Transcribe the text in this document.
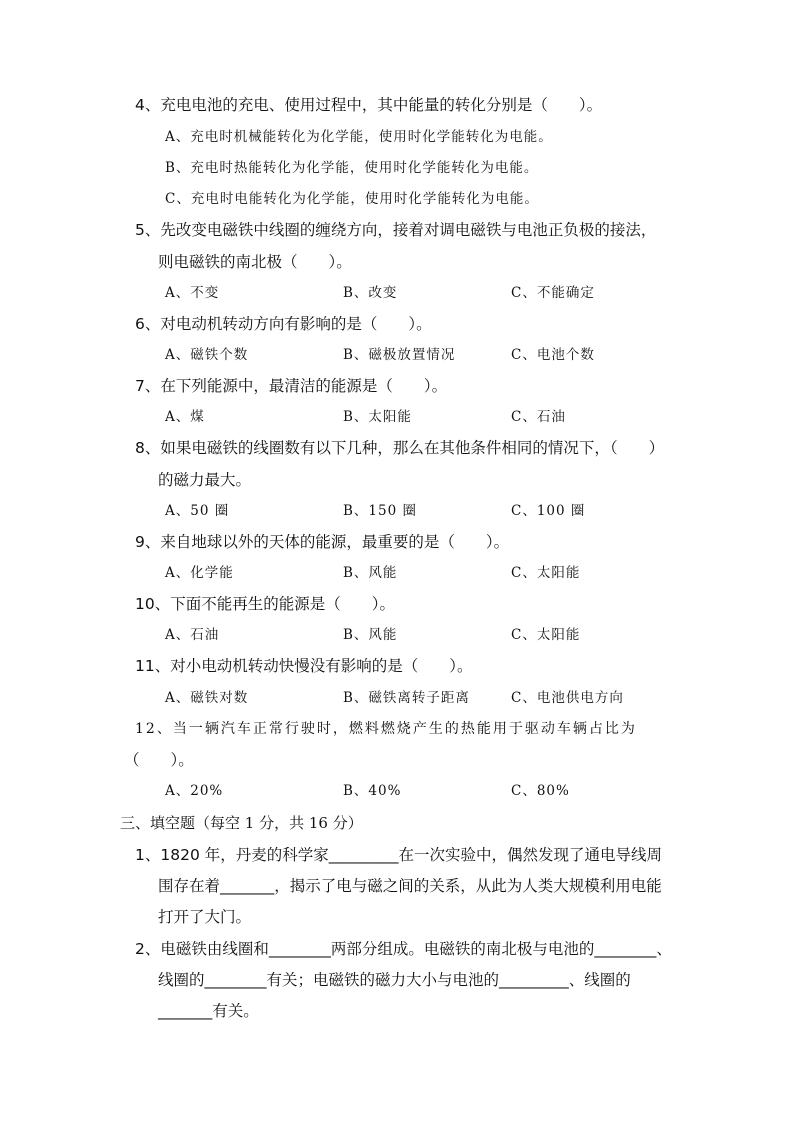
4、充电电池的充电、使用过程中，其中能量的转化分别是（　　）。
A、充电时机械能转化为化学能，使用时化学能转化为电能。
B、充电时热能转化为化学能，使用时化学能转化为电能。
C、充电时电能转化为化学能，使用时化学能转化为电能。
5、先改变电磁铁中线圈的缠绕方向，接着对调电磁铁与电池正负极的接法，
则电磁铁的南北极（　　）。
A、不变	B、改变	C、不能确定
6、对电动机转动方向有影响的是（　　）。
A、磁铁个数	B、磁极放置情况	C、电池个数
7、在下列能源中，最清洁的能源是（　　）。
A、煤	B、太阳能	C、石油
8、如果电磁铁的线圈数有以下几种，那么在其他条件相同的情况下，（　　）
的磁力最大。
A、50 圈	B、150 圈	C、100 圈
9、来自地球以外的天体的能源，最重要的是（　　）。
A、化学能	B、风能	C、太阳能
10、下面不能再生的能源是（　　）。
A、石油	B、风能	C、太阳能
11、对小电动机转动快慢没有影响的是（　　）。
A、磁铁对数	B、磁铁离转子距离	C、电池供电方向
12、当一辆汽车正常行驶时，燃料燃烧产生的热能用于驱动车辆占比为
（　　）。
A、20%	B、40%	C、80%
三、填空题（每空 1 分，共 16 分）
1、1820 年，丹麦的科学家_________在一次实验中，偶然发现了通电导线周
围存在着_______，揭示了电与磁之间的关系，从此为人类大规模利用电能
打开了大门。
2、电磁铁由线圈和________两部分组成。电磁铁的南北极与电池的________、
线圈的________有关；电磁铁的磁力大小与电池的_________、线圈的
_______有关。
